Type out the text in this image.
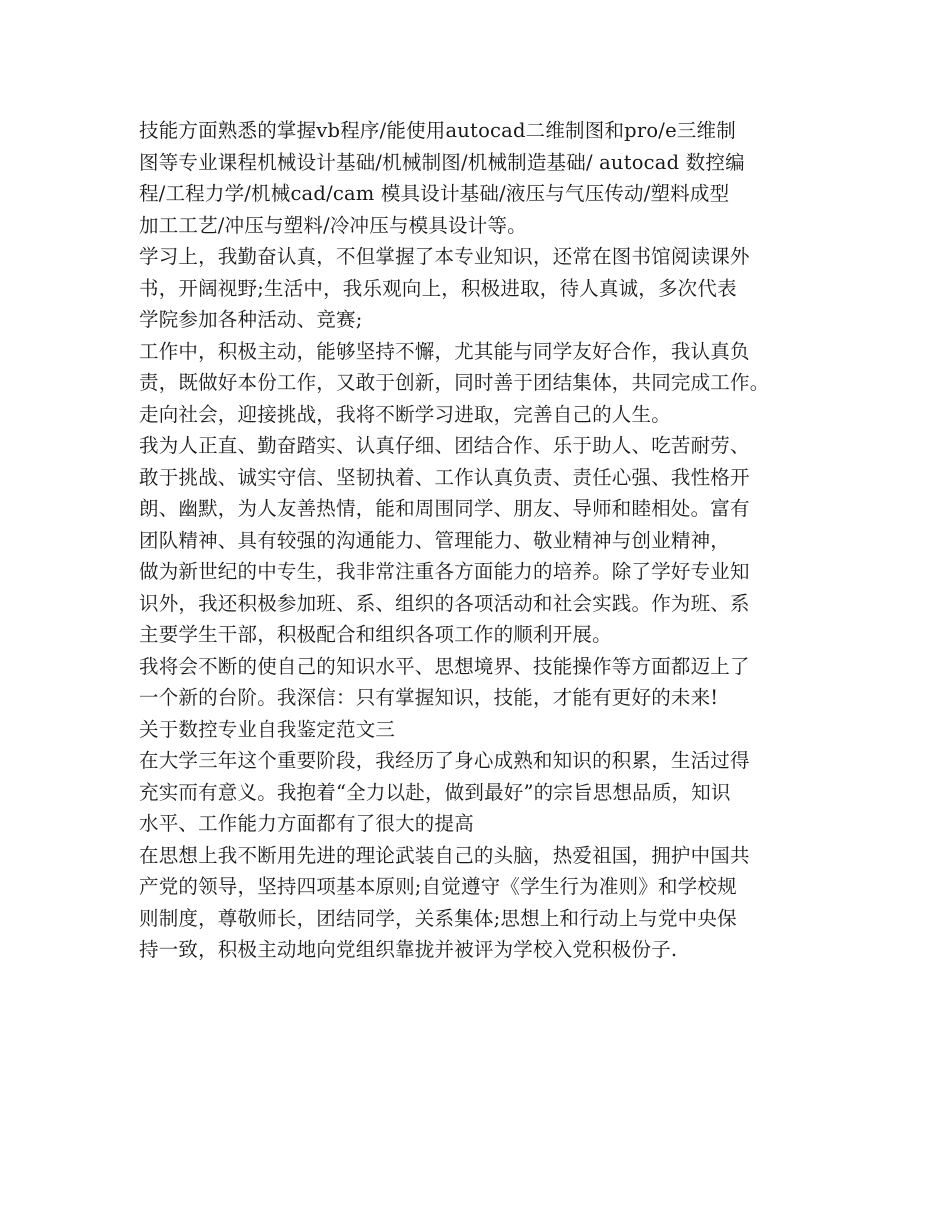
技能方面熟悉的掌握vb程序/能使用autocad二维制图和pro/e三维制
图等专业课程机械设计基础/机械制图/机械制造基础/ autocad 数控编
程/工程力学/机械cad/cam 模具设计基础/液压与气压传动/塑料成型
加工工艺/冲压与塑料/冷冲压与模具设计等。
学习上，我勤奋认真，不但掌握了本专业知识，还常在图书馆阅读课外
书，开阔视野;生活中，我乐观向上，积极进取，待人真诚，多次代表
学院参加各种活动、竞赛;
工作中，积极主动，能够坚持不懈，尤其能与同学友好合作，我认真负
责，既做好本份工作，又敢于创新，同时善于团结集体，共同完成工作。
走向社会，迎接挑战，我将不断学习进取，完善自己的人生。
我为人正直、勤奋踏实、认真仔细、团结合作、乐于助人、吃苦耐劳、
敢于挑战、诚实守信、坚韧执着、工作认真负责、责任心强、我性格开
朗、幽默，为人友善热情，能和周围同学、朋友、导师和睦相处。富有
团队精神、具有较强的沟通能力、管理能力、敬业精神与创业精神，
做为新世纪的中专生，我非常注重各方面能力的培养。除了学好专业知
识外，我还积极参加班、系、组织的各项活动和社会实践。作为班、系
主要学生干部，积极配合和组织各项工作的顺利开展。
我将会不断的使自己的知识水平、思想境界、技能操作等方面都迈上了
一个新的台阶。我深信：只有掌握知识，技能，才能有更好的未来!
关于数控专业自我鉴定范文三
在大学三年这个重要阶段，我经历了身心成熟和知识的积累，生活过得
充实而有意义。我抱着“全力以赴，做到最好”的宗旨思想品质，知识
水平、工作能力方面都有了很大的提高
在思想上我不断用先进的理论武装自己的头脑，热爱祖国，拥护中国共
产党的领导，坚持四项基本原则;自觉遵守《学生行为准则》和学校规
则制度，尊敬师长，团结同学，关系集体;思想上和行动上与党中央保
持一致，积极主动地向党组织靠拢并被评为学校入党积极份子.
